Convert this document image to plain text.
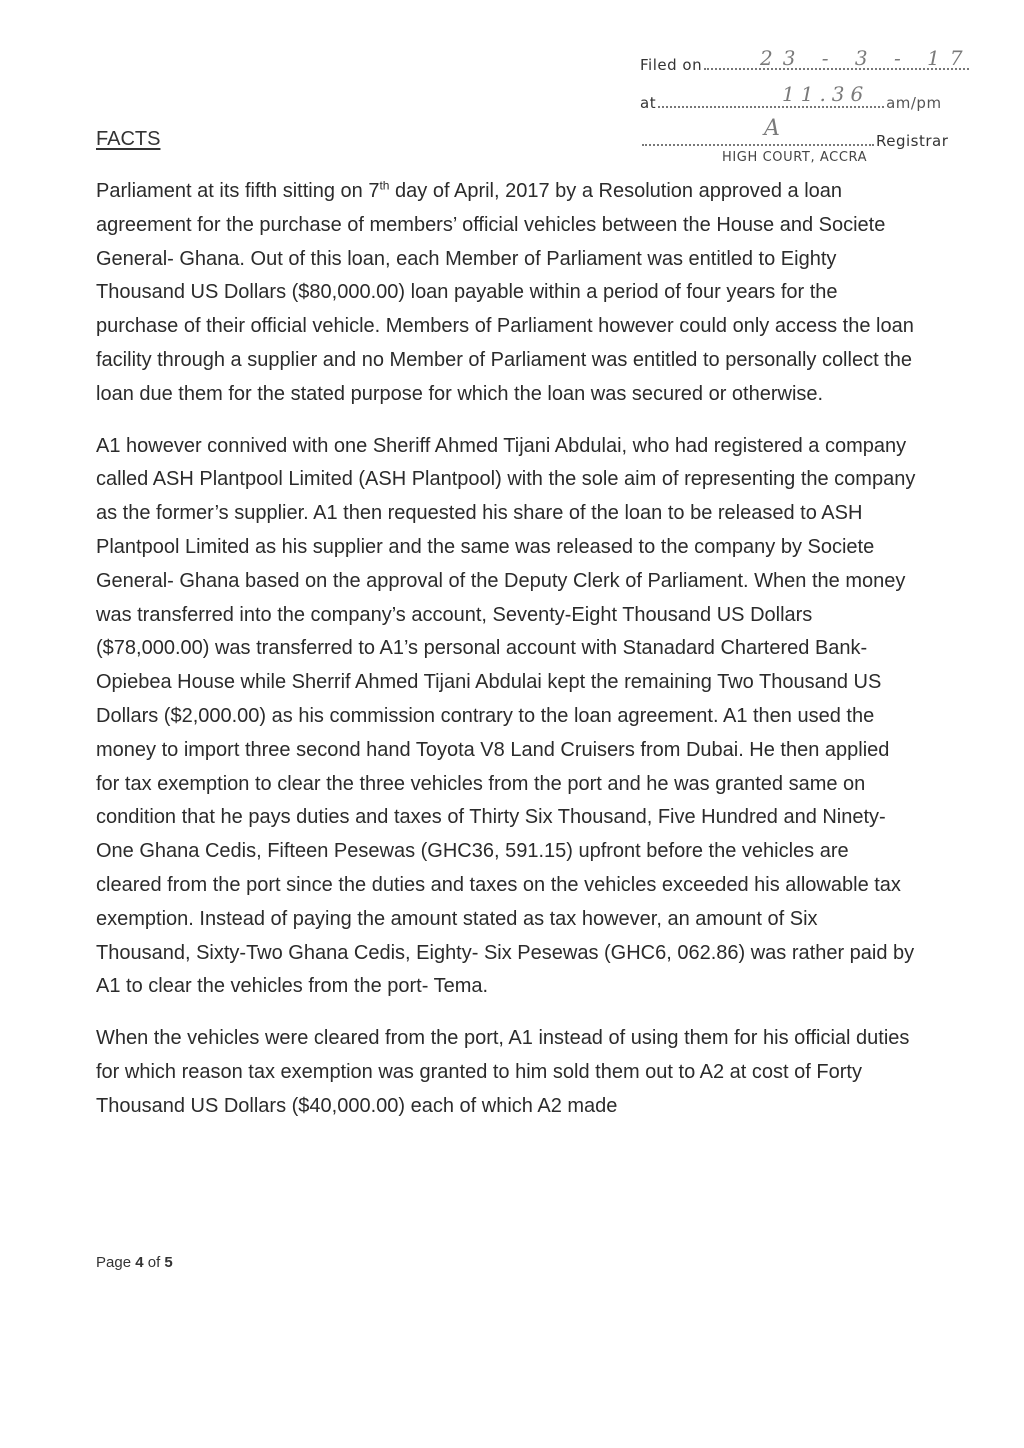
Filed on	23 - 3 - 17
at	am/pm
11.36
Registrar
A
HIGH COURT, ACCRA
FACTS

Parliament at its fifth sitting on 7th day of April, 2017 by a Resolution approved a loan agreement for the purchase of members’ official vehicles between the House and Societe General- Ghana. Out of this loan, each Member of Parliament was entitled to Eighty Thousand US Dollars ($80,000.00) loan payable within a period of four years for the purchase of their official vehicle. Members of Parliament however could only access the loan facility through a supplier and no Member of Parliament was entitled to personally collect the loan due them for the stated purpose for which the loan was secured or otherwise.

A1 however connived with one Sheriff Ahmed Tijani Abdulai, who had registered a company called ASH Plantpool Limited (ASH Plantpool) with the sole aim of representing the company as the former’s supplier. A1 then requested his share of the loan to be released to ASH Plantpool Limited as his supplier and the same was released to the company by Societe General- Ghana based on the approval of the Deputy Clerk of Parliament. When the money was transferred into the company’s account, Seventy-Eight Thousand US Dollars ($78,000.00) was transferred to A1’s personal account with Stanadard Chartered Bank- Opiebea House while Sherrif Ahmed Tijani Abdulai kept the remaining Two Thousand US Dollars ($2,000.00) as his commission contrary to the loan agreement. A1 then used the money to import three second hand Toyota V8 Land Cruisers from Dubai. He then applied for tax exemption to clear the three vehicles from the port and he was granted same on condition that he pays duties and taxes of Thirty Six Thousand, Five Hundred and Ninety- One Ghana Cedis, Fifteen Pesewas (GHC36, 591.15) upfront before the vehicles are cleared from the port since the duties and taxes on the vehicles exceeded his allowable tax exemption. Instead of paying the amount stated as tax however, an amount of Six Thousand, Sixty-Two Ghana Cedis, Eighty- Six Pesewas (GHC6, 062.86) was rather paid by A1 to clear the vehicles from the port- Tema.

When the vehicles were cleared from the port, A1 instead of using them for his official duties for which reason tax exemption was granted to him sold them out to A2 at cost of Forty Thousand US Dollars ($40,000.00) each of which A2 made

Page 4 of 5
